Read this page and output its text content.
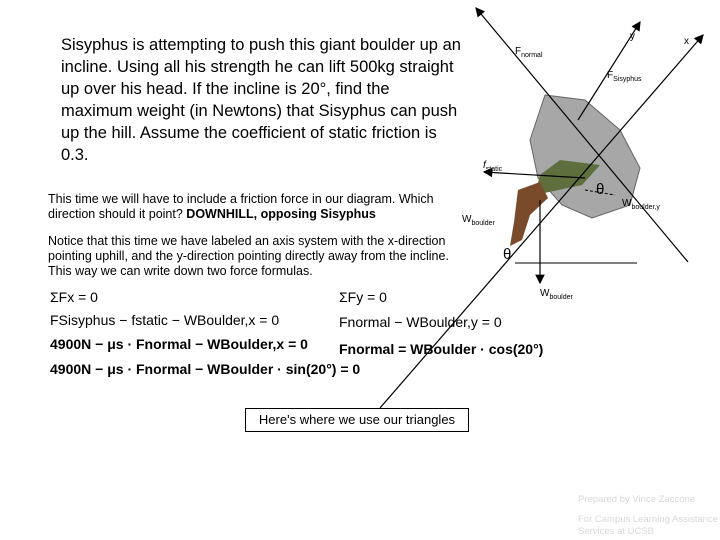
Sisyphus is attempting to push this giant boulder up an incline. Using all his strength he can lift 500kg straight up over his head. If the incline is 20°, find the maximum weight (in Newtons) that Sisyphus can push up the hill. Assume the coefficient of static friction is 0.3.
This time we will have to include a friction force in our diagram. Which direction should it point? DOWNHILL, opposing Sisyphus
Notice that this time we have labeled an axis system with the x-direction pointing uphill, and the y-direction pointing directly away from the incline. This way we can write down two force formulas.
ΣFx = 0	ΣFy = 0
FSisyphus − fstatic − WBoulder,x = 0
4900N − μs · Fnormal − WBoulder,x = 0
4900N − μs · Fnormal − WBoulder · sin(20°) = 0
Fnormal − WBoulder,y = 0
Fnormal = WBoulder · cos(20°)
y	x
$F_{normal}$
$F_{Sisyphus}$
$f_{static}$
θ
$W_{boulder,y}$
$W_{boulder}$
θ
$W_{boulder}$
Here's where we use our triangles
Prepared by Vince Zaccone
For Campus Learning Assistance Services at UCSB
